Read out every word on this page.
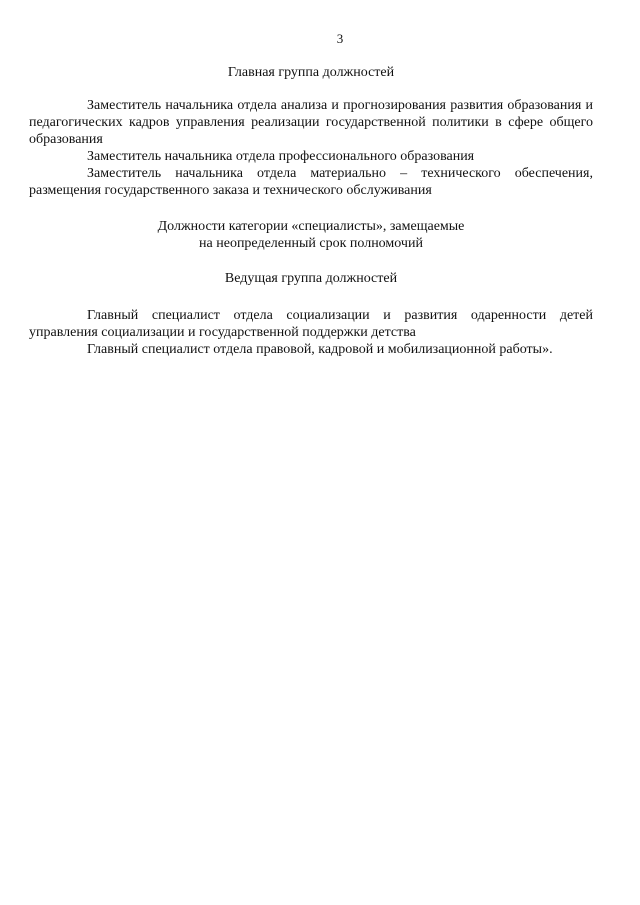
3

Главная группа должностей

Заместитель начальника отдела анализа и прогнозирования развития образования и педагогических кадров управления реализации государственной политики в сфере общего образования

Заместитель начальника отдела профессионального образования

Заместитель начальника отдела материально – технического обеспечения, размещения государственного заказа и технического обслуживания

Должности категории «специалисты», замещаемые

на неопределенный срок полномочий

Ведущая группа должностей

Главный специалист отдела социализации и развития одаренности детей управления социализации и государственной поддержки детства

Главный специалист отдела правовой, кадровой и мобилизационной работы».
